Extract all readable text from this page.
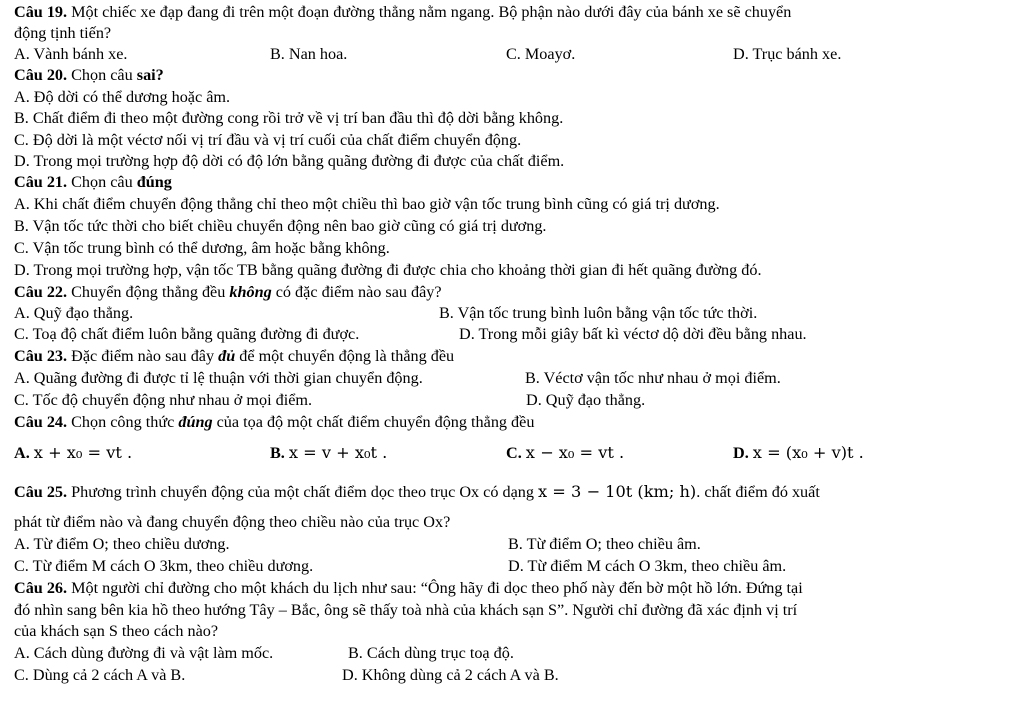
Câu 19. Một chiếc xe đạp đang đi trên một đoạn đường thẳng nằm ngang. Bộ phận nào dưới đây của bánh xe sẽ chuyển
động tịnh tiến?
A. Vành bánh xe.	B. Nan hoa.	C. Moayơ.	D. Trục bánh xe.
Câu 20. Chọn câu sai?
A. Độ dời có thể dương hoặc âm.
B. Chất điểm đi theo một đường cong rồi trở về vị trí ban đầu thì độ dời bằng không.
C. Độ dời là một véctơ nối vị trí đầu và vị trí cuối của chất điểm chuyển động.
D. Trong mọi trường hợp độ dời có độ lớn bằng quãng đường đi được của chất điểm.
Câu 21. Chọn câu đúng
A. Khi chất điểm chuyển động thẳng chỉ theo một chiều thì bao giờ vận tốc trung bình cũng có giá trị dương.
B. Vận tốc tức thời cho biết chiều chuyển động nên bao giờ cũng có giá trị dương.
C. Vận tốc trung bình có thể dương, âm hoặc bằng không.
D. Trong mọi trường hợp, vận tốc TB bằng quãng đường đi được chia cho khoảng thời gian đi hết quãng đường đó.
Câu 22. Chuyển động thẳng đều không có đặc điểm nào sau đây?
A. Quỹ đạo thẳng.	B. Vận tốc trung bình luôn bằng vận tốc tức thời.
C. Toạ độ chất điểm luôn bằng quãng đường đi được.	D. Trong mỗi giây bất kì véctơ dộ dời đều bằng nhau.
Câu 23. Đặc điểm nào sau đây đủ để một chuyển động là thẳng đều
A. Quãng đường đi được tỉ lệ thuận với thời gian chuyển động.	B. Véctơ vận tốc như nhau ở mọi điểm.
C. Tốc độ chuyển động như nhau ở mọi điểm.	D. Quỹ đạo thẳng.
Câu 24. Chọn công thức đúng của tọa độ một chất điểm chuyển động thẳng đều
A. x + x₀ = vt .	B. x = v + x₀t .	C. x − x₀ = vt .	D. x = (x₀ + v)t .
Câu 25. Phương trình chuyển động của một chất điểm dọc theo trục Ox có dạng x = 3 − 10t (km; h). chất điểm đó xuất
phát từ điểm nào và đang chuyển động theo chiều nào của trục Ox?
A. Từ điểm O; theo chiều dương.	B. Từ điểm O; theo chiều âm.
C. Từ điểm M cách O 3km, theo chiều dương.	D. Từ điểm M cách O 3km, theo chiều âm.
Câu 26. Một người chỉ đường cho một khách du lịch như sau: “Ông hãy đi dọc theo phố này đến bờ một hồ lớn. Đứng tại
đó nhìn sang bên kia hồ theo hướng Tây – Bắc, ông sẽ thấy toà nhà của khách sạn S”. Người chỉ đường đã xác định vị trí
của khách sạn S theo cách nào?
A. Cách dùng đường đi và vật làm mốc.	B. Cách dùng trục toạ độ.
C. Dùng cả 2 cách A và B.	D. Không dùng cả 2 cách A và B.
